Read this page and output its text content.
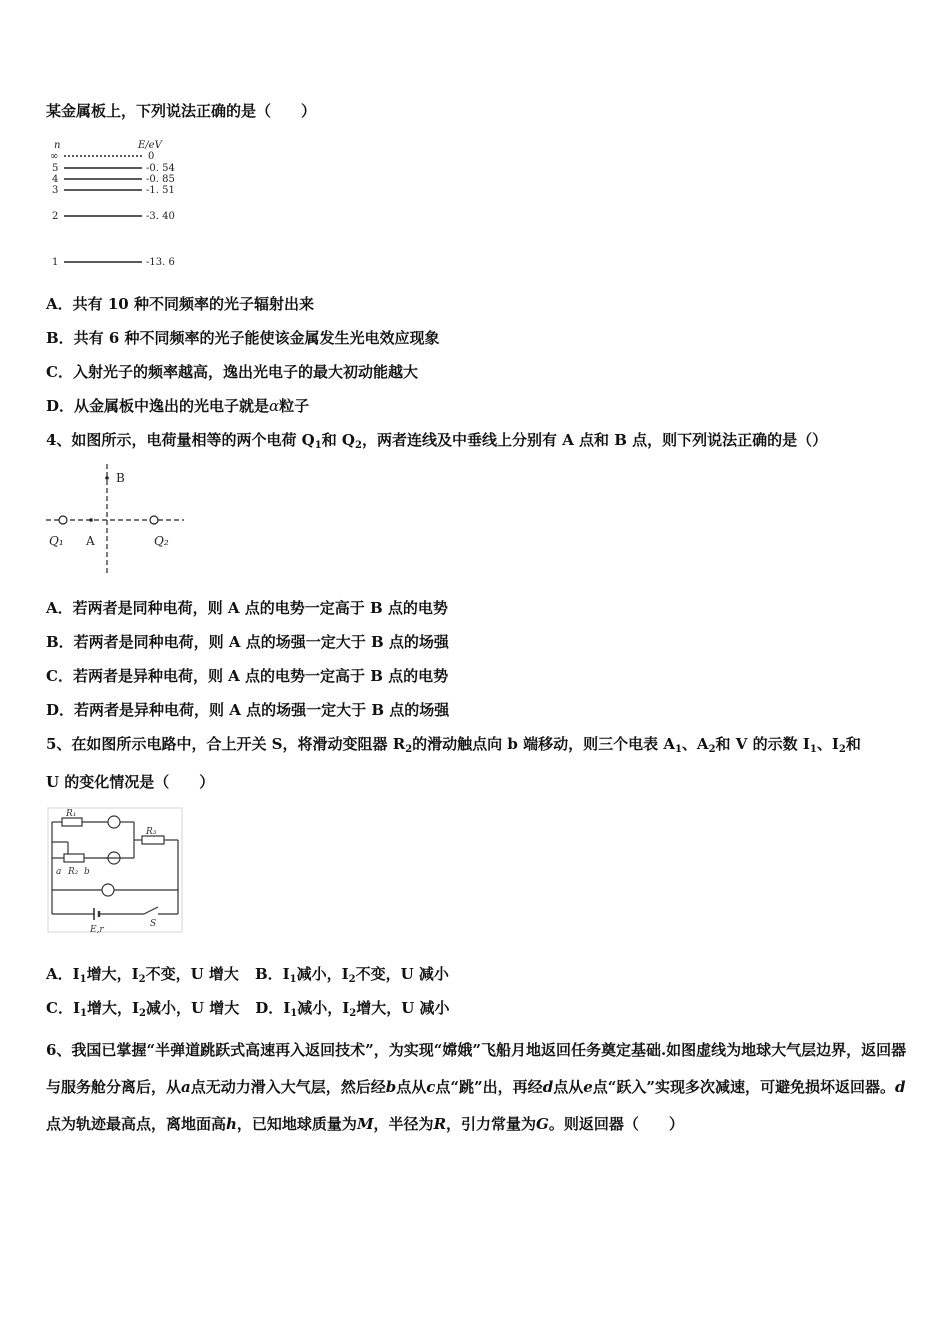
某金属板上，下列说法正确的是（　　）
n	E/eV
∞	0
5	-0. 54
4	-0. 85
3	-1. 51
2	-3. 40
1	-13. 6
A．共有 10 种不同频率的光子辐射出来
B．共有 6 种不同频率的光子能使该金属发生光电效应现象
C．入射光子的频率越高，逸出光电子的最大初动能越大
D．从金属板中逸出的光电子就是α粒子
4、如图所示，电荷量相等的两个电荷 $Q_1$和 $Q_2$，两者连线及中垂线上分别有 A 点和 B 点，则下列说法正确的是（）
B
Q₁ A	Q₂
A．若两者是同种电荷，则 A 点的电势一定高于 B 点的电势
B．若两者是同种电荷，则 A 点的场强一定大于 B 点的场强
C．若两者是异种电荷，则 A 点的电势一定高于 B 点的电势
D．若两者是异种电荷，则 A 点的场强一定大于 B 点的场强
5、在如图所示电路中，合上开关 S，将滑动变阻器 $R_2$的滑动触点向 b 端移动，则三个电表 $A_1$、$A_2$和 V 的示数 $I_1$、$I_2$和
U 的变化情况是（　　）
R₁
R₃
a R₂ b
S
E,r
A．$I_1$增大，$I_2$不变，U 增大 B．$I_1$减小，$I_2$不变，U 减小
C．$I_1$增大，$I_2$减小，U 增大 D．$I_1$减小，$I_2$增大，U 减小
6、我国已掌握“半弹道跳跃式高速再入返回技术”，为实现“嫦娥”飞船月地返回任务奠定基础.如图虚线为地球大气层边界，返回器与服务舱分离后，从a点无动力滑入大气层，然后经b点从c点“跳”出，再经d点从e点“跃入”实现多次减速，可避免损坏返回器。d点为轨迹最高点，离地面高h，已知地球质量为M，半径为R，引力常量为G。则返回器（　　）
